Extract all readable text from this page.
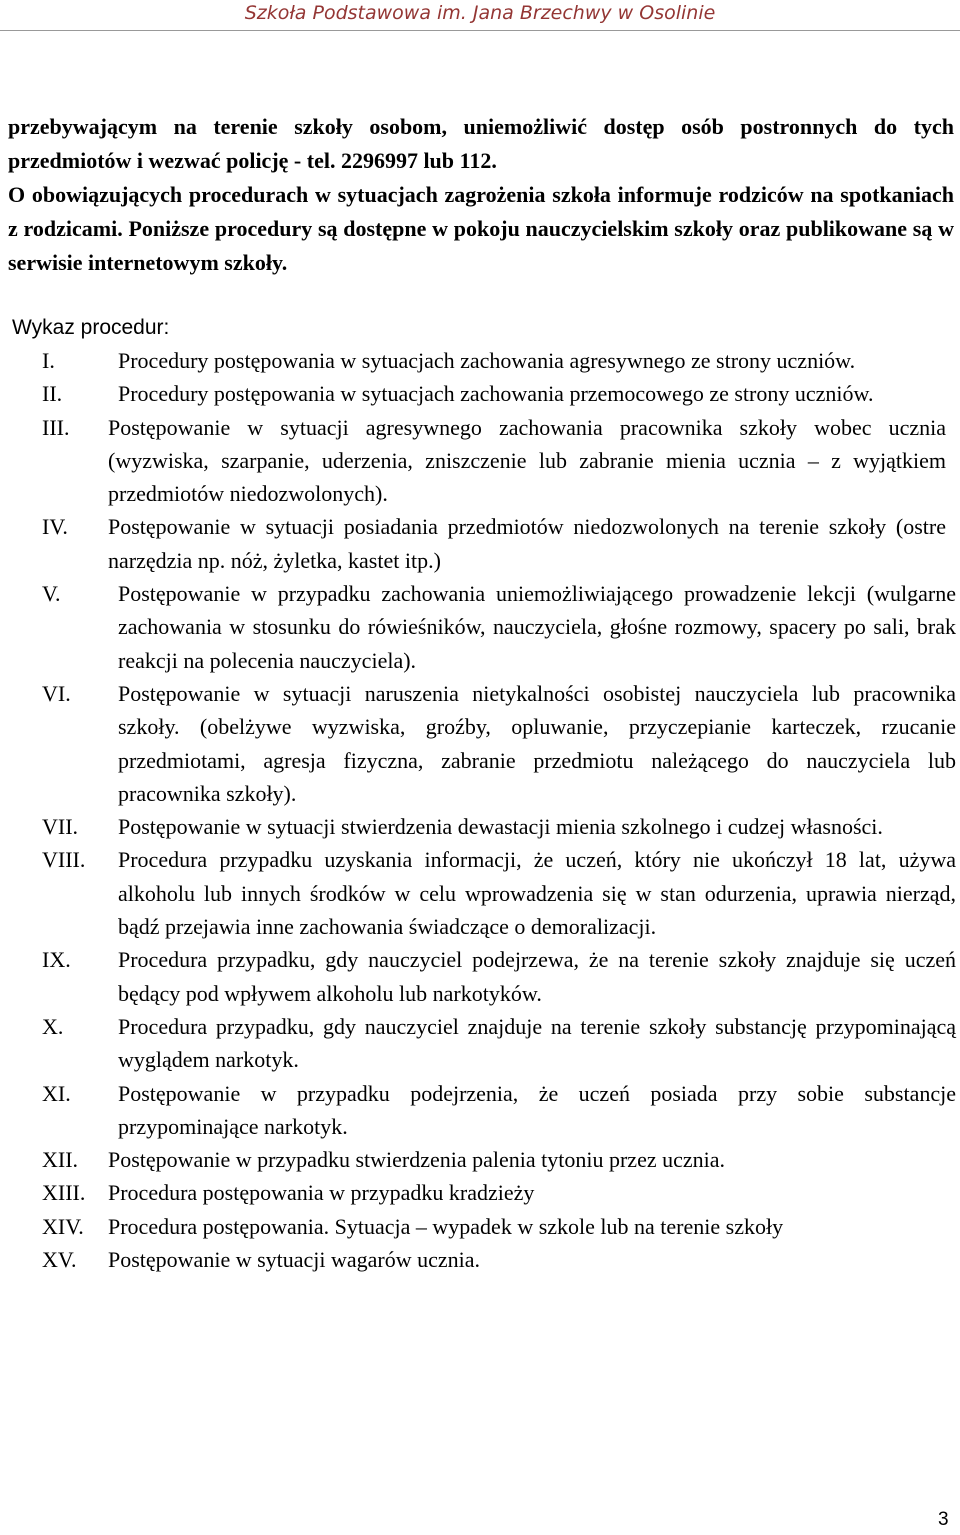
Szkoła Podstawowa im. Jana Brzechwy w Osolinie

przebywającym na terenie szkoły osobom, uniemożliwić dostęp osób postronnych do tych przedmiotów i wezwać policję - tel. 2296997 lub 112.

O obowiązujących procedurach w sytuacjach zagrożenia szkoła informuje rodziców na spotkaniach z rodzicami. Poniższe procedury są dostępne w pokoju nauczycielskim szkoły oraz publikowane są w serwisie internetowym szkoły.

Wykaz procedur:
I.	Procedury postępowania w sytuacjach zachowania agresywnego ze strony uczniów.
II.	Procedury postępowania w sytuacjach zachowania przemocowego ze strony uczniów.
III.	Postępowanie w sytuacji agresywnego zachowania pracownika szkoły wobec ucznia (wyzwiska, szarpanie, uderzenia, zniszczenie lub zabranie mienia ucznia – z wyjątkiem przedmiotów niedozwolonych).
IV.	Postępowanie w sytuacji posiadania przedmiotów niedozwolonych na terenie szkoły (ostre narzędzia np. nóż, żyletka, kastet itp.)
V.	Postępowanie w przypadku zachowania uniemożliwiającego prowadzenie lekcji (wulgarne zachowania w stosunku do rówieśników, nauczyciela, głośne rozmowy, spacery po sali, brak reakcji na polecenia nauczyciela).
VI.	Postępowanie w sytuacji naruszenia nietykalności osobistej nauczyciela lub pracownika szkoły. (obelżywe wyzwiska, groźby, opluwanie, przyczepianie karteczek, rzucanie przedmiotami, agresja fizyczna, zabranie przedmiotu należącego do nauczyciela lub pracownika szkoły).
VII.	Postępowanie w sytuacji stwierdzenia dewastacji mienia szkolnego i cudzej własności.
VIII.	Procedura przypadku uzyskania informacji, że uczeń, który nie ukończył 18 lat, używa alkoholu lub innych środków w celu wprowadzenia się w stan odurzenia, uprawia nierząd, bądź przejawia inne zachowania świadczące o demoralizacji.
IX.	Procedura przypadku, gdy nauczyciel podejrzewa, że na terenie szkoły znajduje się uczeń będący pod wpływem alkoholu lub narkotyków.
X.	Procedura przypadku, gdy nauczyciel znajduje na terenie szkoły substancję przypominającą wyglądem narkotyk.
XI.	Postępowanie w przypadku podejrzenia, że uczeń posiada przy sobie substancje przypominające narkotyk.
XII.	Postępowanie w przypadku stwierdzenia palenia tytoniu przez ucznia.
XIII.	Procedura postępowania w przypadku kradzieży
XIV.	Procedura postępowania. Sytuacja – wypadek w szkole lub na terenie szkoły
XV.	Postępowanie w sytuacji wagarów ucznia.
3
